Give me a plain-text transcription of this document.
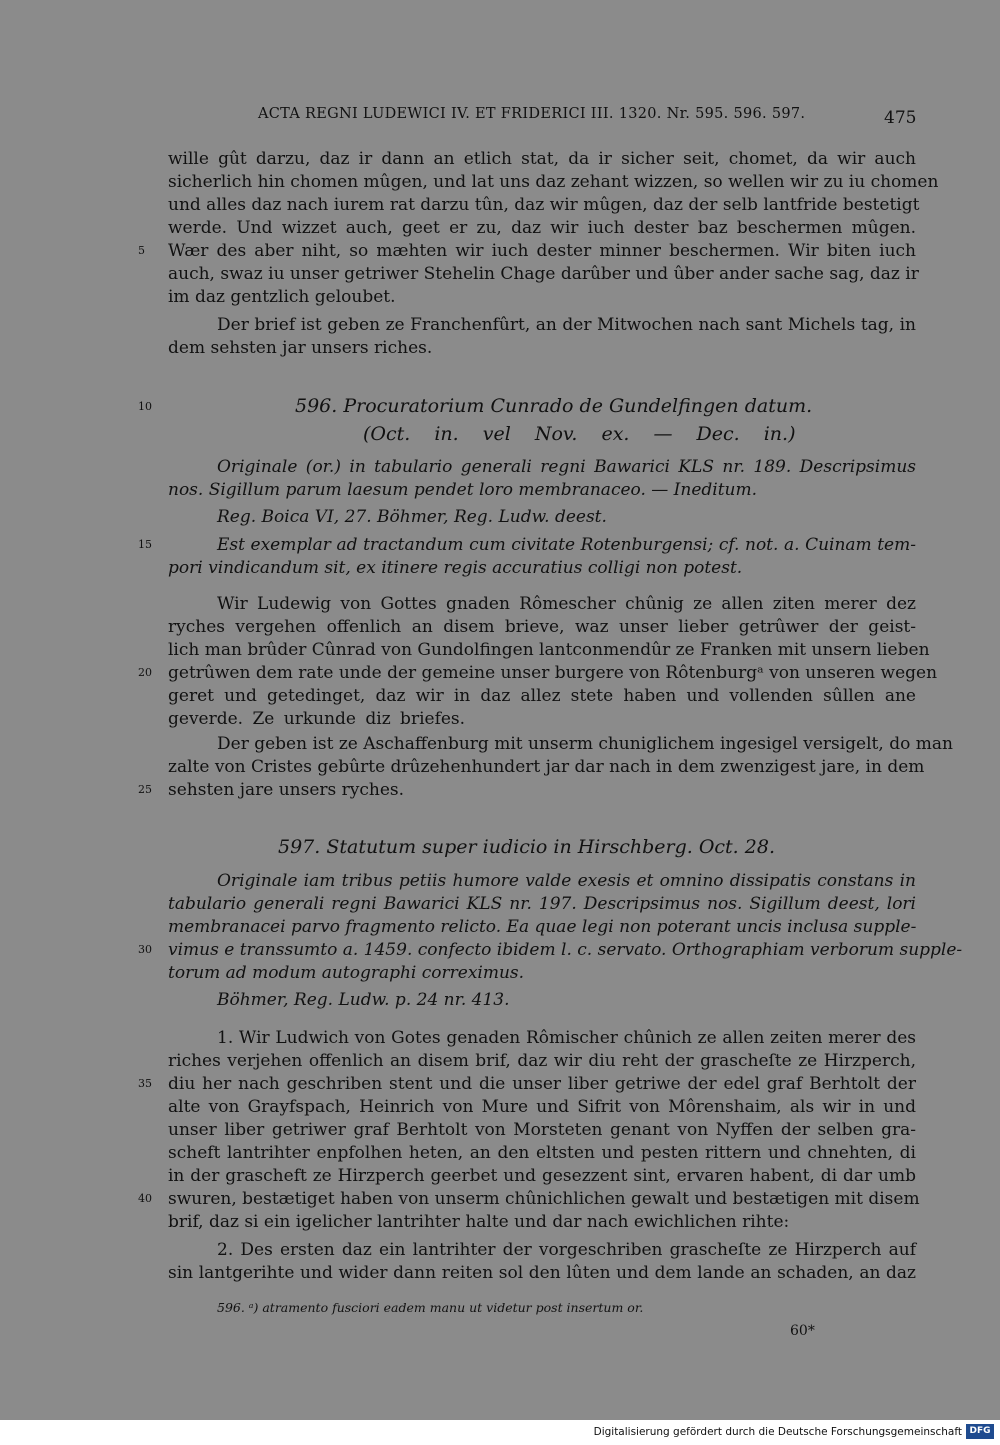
ACTA REGNI LUDEWICI IV. ET FRIDERICI III. 1320. Nr. 595. 596. 597.	475
wille gût darzu, daz ir dann an etlich stat, da ir sicher seit, chomet, da wir auch
sicherlich hin chomen mûgen, und lat uns daz zehant wizzen, so wellen wir zu iu chomen
und alles daz nach iurem rat darzu tûn, daz wir mûgen, daz der selb lantfride bestetigt
werde. Und wizzet auch, geet er zu, daz wir iuch dester baz beschermen mûgen.
5	Wær des aber niht, so mæhten wir iuch dester minner beschermen. Wir biten iuch
auch, swaz iu unser getriwer Stehelin Chage darûber und ûber ander sache sag, daz ir
im daz gentzlich geloubet.
Der brief ist geben ze Franchenfûrt, an der Mitwochen nach sant Michels tag, in
dem sehsten jar unsers riches.
10	596. Procuratorium Cunrado de Gundelfingen datum.
(Oct. in. vel Nov. ex. — Dec. in.)
Originale (or.) in tabulario generali regni Bawarici KLS nr. 189. Descripsimus
nos. Sigillum parum laesum pendet loro membranaceo. — Ineditum.
Reg. Boica VI, 27. Böhmer, Reg. Ludw. deest.
15	Est exemplar ad tractandum cum civitate Rotenburgensi; cf. not. a. Cuinam tem-
pori vindicandum sit, ex itinere regis accuratius colligi non potest.
Wir Ludewig von Gottes gnaden Rômescher chûnig ze allen ziten merer dez
ryches vergehen offenlich an disem brieve, waz unser lieber getrûwer der geist-
lich man brûder Cûnrad von Gundolfingen lantconmendûr ze Franken mit unsern lieben
20 getrûwen dem rate unde der gemeine unser burgere von Rôtenburgᵃ von unseren wegen
geret und getedinget, daz wir in daz allez stete haben und vollenden sûllen ane
geverde. Ze urkunde diz briefes.
Der geben ist ze Aschaffenburg mit unserm chuniglichem ingesigel versigelt, do man
zalte von Cristes gebûrte drûzehenhundert jar dar nach in dem zwenzigest jare, in dem
25 sehsten jare unsers ryches.
597. Statutum super iudicio in Hirschberg. Oct. 28.
Originale iam tribus petiis humore valde exesis et omnino dissipatis constans in
tabulario generali regni Bawarici KLS nr. 197. Descripsimus nos. Sigillum deest, lori
membranacei parvo fragmento relicto. Ea quae legi non poterant uncis inclusa supple-
30 vimus e transsumto a. 1459. confecto ibidem l. c. servato. Orthographiam verborum supple-
torum ad modum autographi correximus.
Böhmer, Reg. Ludw. p. 24 nr. 413.
1. Wir Ludwich von Gotes genaden Rômischer chûnich ze allen zeiten merer des
riches verjehen offenlich an disem brif, daz wir diu reht der grascheſte ze Hirzperch,
35 diu her nach geschriben stent und die unser liber getriwe der edel graf Berhtolt der
alte von Grayfspach, Heinrich von Mure und Sifrit von Môrenshaim, als wir in und
unser liber getriwer graf Berhtolt von Morsteten genant von Nyffen der selben gra-
scheft lantrihter enpfolhen heten, an den eltsten und pesten rittern und chnehten, di
in der grascheft ze Hirzperch geerbet und gesezzent sint, ervaren habent, di dar umb
40 swuren, bestætiget haben von unserm chûnichlichen gewalt und bestætigen mit disem
brif, daz si ein igelicher lantrihter halte und dar nach ewichlichen rihte:
2. Des ersten daz ein lantrihter der vorgeschriben grascheſte ze Hirzperch auf
sin lantgerihte und wider dann reiten sol den lûten und dem lande an schaden, an daz
596. ᵃ) atramento fusciori eadem manu ut videtur post insertum or.
60*
Digitalisierung gefördert durch die Deutsche Forschungsgemeinschaft DFG
